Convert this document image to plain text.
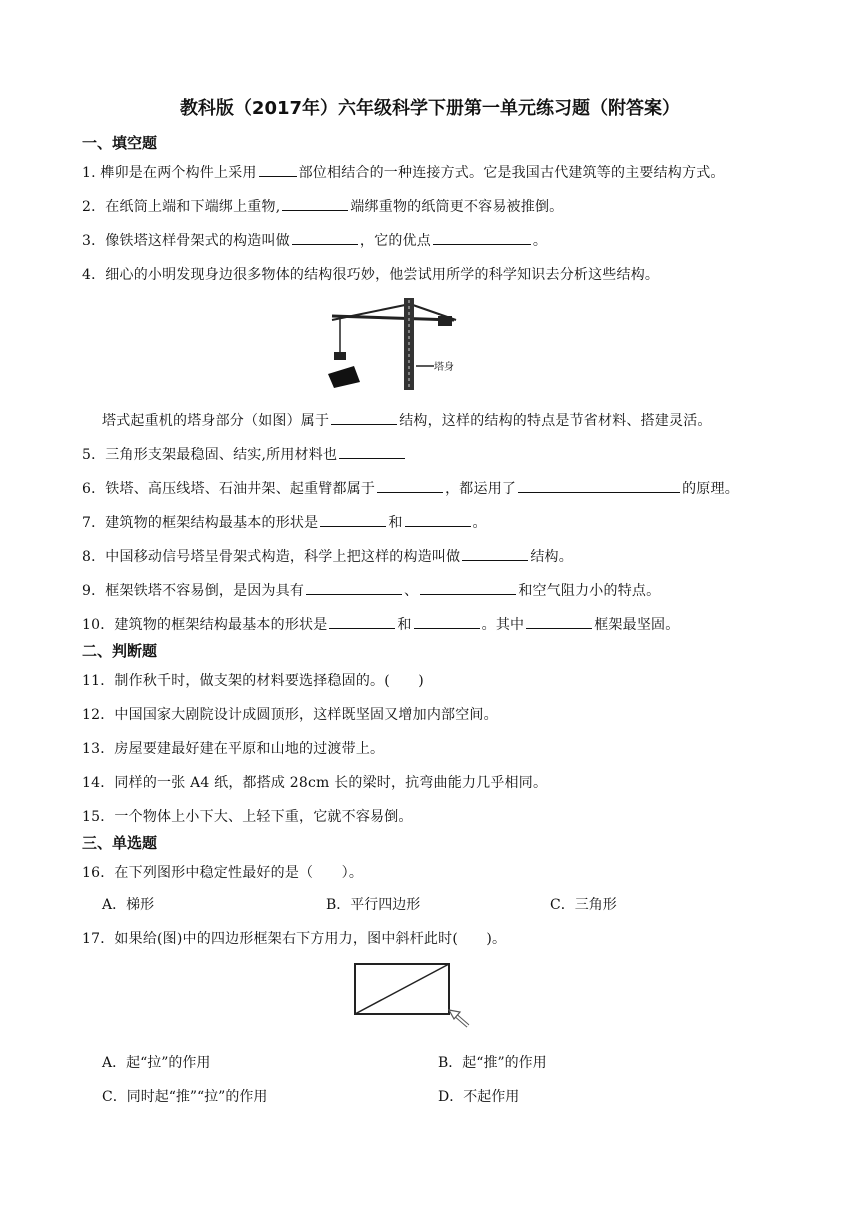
教科版（2017年）六年级科学下册第一单元练习题（附答案）
一、填空题
1. 榫卯是在两个构件上采用	部位相结合的一种连接方式。它是我国古代建筑等的主要结构方式。
2．在纸筒上端和下端绑上重物,	端绑重物的纸筒更不容易被推倒。
3．像铁塔这样骨架式的构造叫做	，它的优点	。
4．细心的小明发现身边很多物体的结构很巧妙，他尝试用所学的科学知识去分析这些结构。
塔身
塔式起重机的塔身部分（如图）属于	结构，这样的结构的特点是节省材料、搭建灵活。
5．三角形支架最稳固、结实,所用材料也
6．铁塔、高压线塔、石油井架、起重臂都属于	，都运用了	的原理。
7．建筑物的框架结构最基本的形状是	和	。
8．中国移动信号塔呈骨架式构造，科学上把这样的构造叫做	结构。
9．框架铁塔不容易倒，是因为具有	、	和空气阻力小的特点。
10．建筑物的框架结构最基本的形状是	和	。其中	框架最坚固。
二、判断题
11．制作秋千时，做支架的材料要选择稳固的。(　　)
12．中国国家大剧院设计成圆顶形，这样既坚固又增加内部空间。
13．房屋要建最好建在平原和山地的过渡带上。
14．同样的一张 A4 纸，都搭成 28cm 长的梁时，抗弯曲能力几乎相同。
15．一个物体上小下大、上轻下重，它就不容易倒。
三、单选题
16．在下列图形中稳定性最好的是（　　）。
A．梯形	B．平行四边形	C．三角形
17．如果给(图)中的四边形框架右下方用力，图中斜杆此时(　　)。
A．起“拉”的作用	B．起“推”的作用
C．同时起“推”“拉”的作用	D．不起作用
